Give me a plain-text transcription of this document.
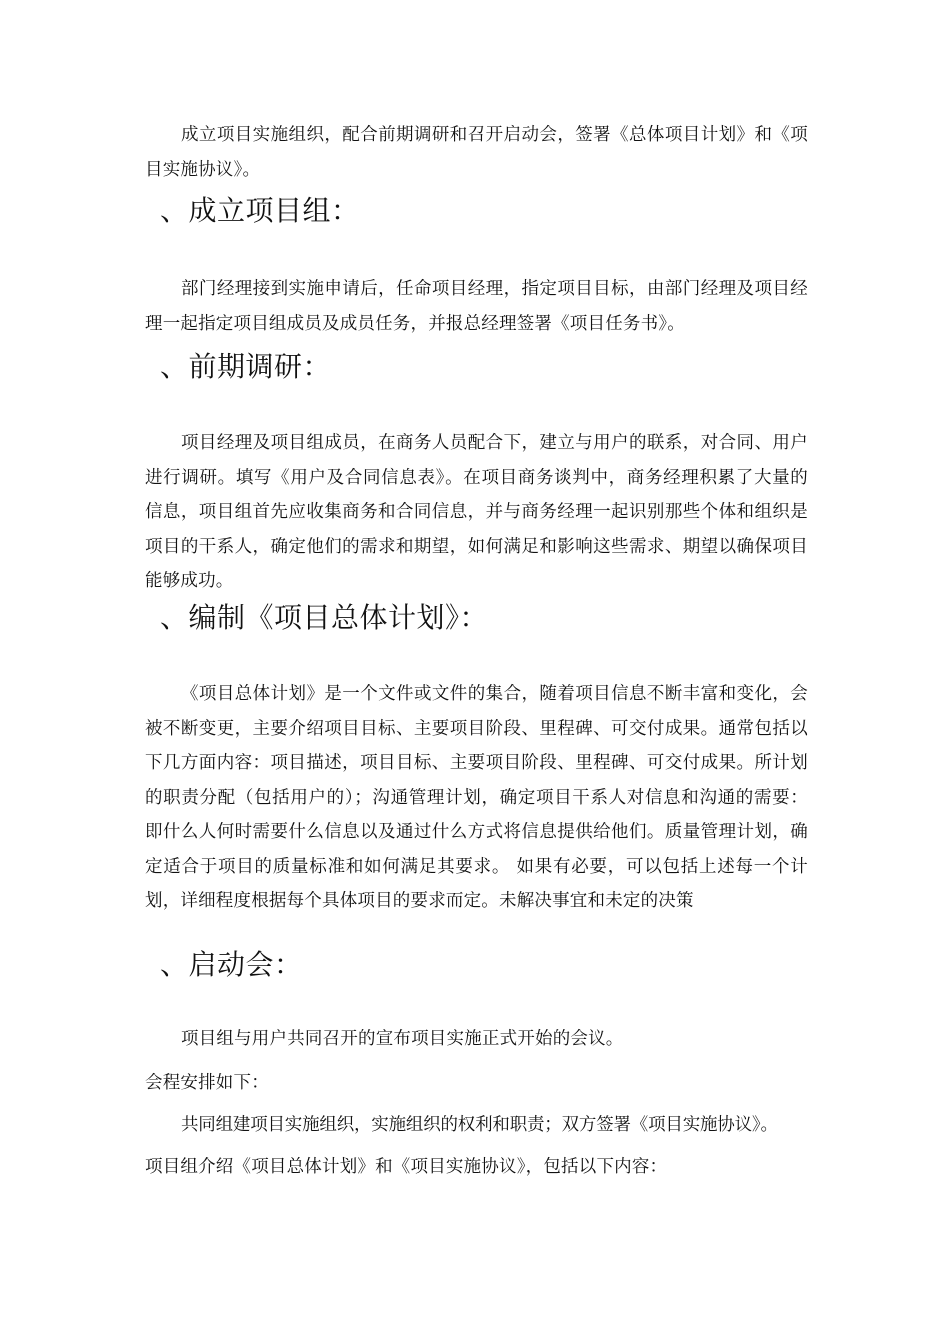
成立项目实施组织，配合前期调研和召开启动会，签署《总体项目计划》和《项目实施协议》。

、成立项目组：

部门经理接到实施申请后，任命项目经理，指定项目目标，由部门经理及项目经理一起指定项目组成员及成员任务，并报总经理签署《项目任务书》。

、前期调研：

项目经理及项目组成员，在商务人员配合下，建立与用户的联系，对合同、用户进行调研。填写《用户及合同信息表》。在项目商务谈判中，商务经理积累了大量的信息，项目组首先应收集商务和合同信息，并与商务经理一起识别那些个体和组织是项目的干系人，确定他们的需求和期望，如何满足和影响这些需求、期望以确保项目能够成功。

、编制《项目总体计划》：

《项目总体计划》是一个文件或文件的集合，随着项目信息不断丰富和变化，会被不断变更，主要介绍项目目标、主要项目阶段、里程碑、可交付成果。通常包括以下几方面内容：项目描述，项目目标、主要项目阶段、里程碑、可交付成果。所计划的职责分配（包括用户的）；沟通管理计划，确定项目干系人对信息和沟通的需要：即什么人何时需要什么信息以及通过什么方式将信息提供给他们。质量管理计划，确定适合于项目的质量标准和如何满足其要求。 如果有必要，可以包括上述每一个计划，详细程度根据每个具体项目的要求而定。未解决事宜和未定的决策

、启动会：

项目组与用户共同召开的宣布项目实施正式开始的会议。

会程安排如下：

共同组建项目实施组织，实施组织的权利和职责；双方签署《项目实施协议》。

项目组介绍《项目总体计划》和《项目实施协议》，包括以下内容：
